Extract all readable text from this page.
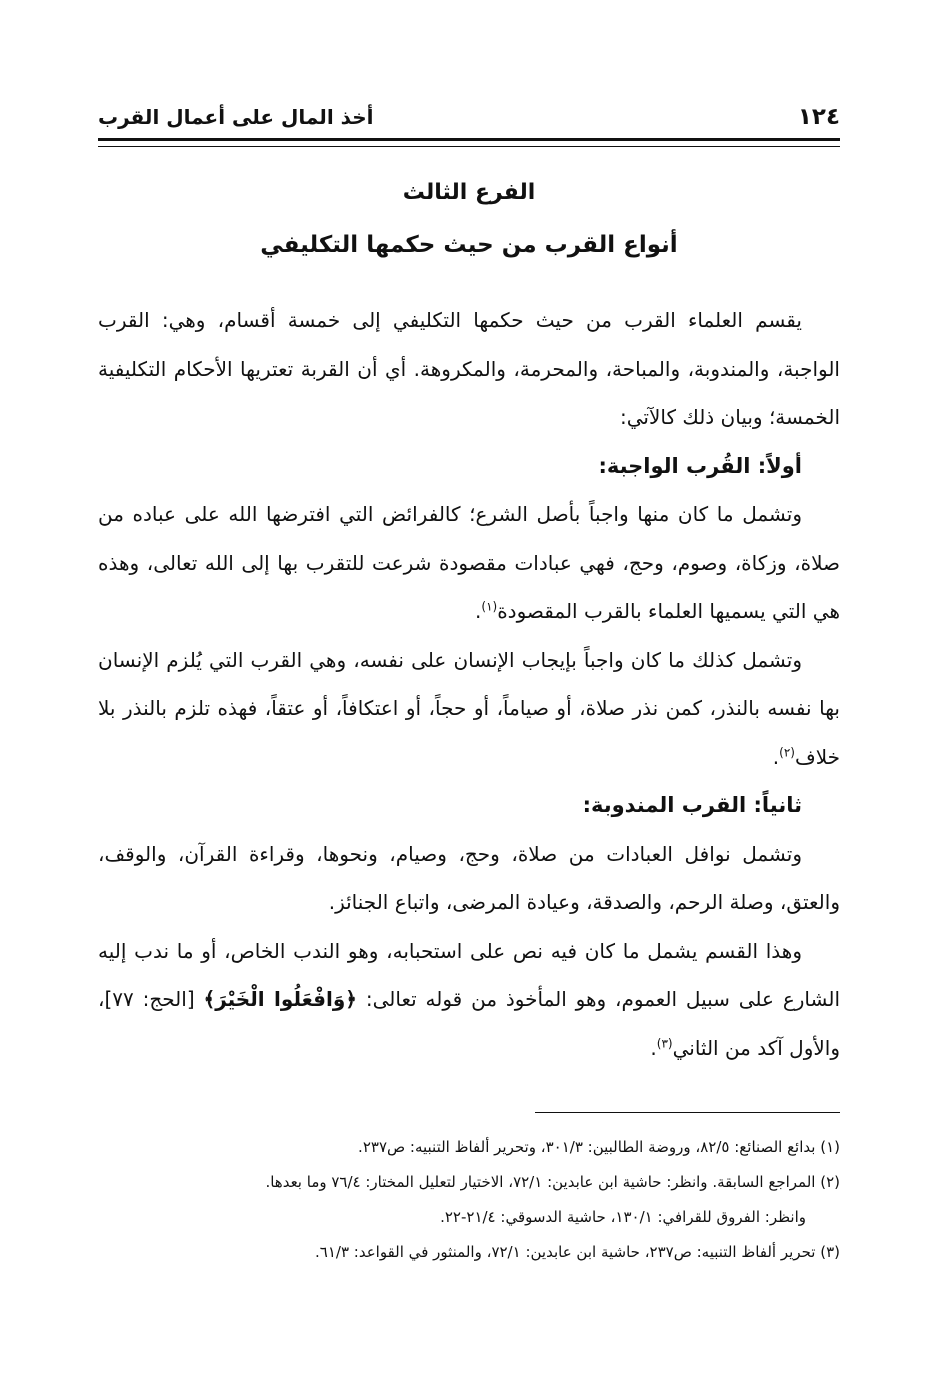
١٢٤
أخذ المال على أعمال القرب
الفرع الثالث
أنواع القرب من حيث حكمها التكليفي

يقسم العلماء القرب من حيث حكمها التكليفي إلى خمسة أقسام، وهي: القرب الواجبة، والمندوبة، والمباحة، والمحرمة، والمكروهة. أي أن القربة تعتريها الأحكام التكليفية الخمسة؛ وبيان ذلك كالآتي:

أولاً: القُرب الواجبة:

وتشمل ما كان منها واجباً بأصل الشرع؛ كالفرائض التي افترضها الله على عباده من صلاة، وزكاة، وصوم، وحج، فهي عبادات مقصودة شرعت للتقرب بها إلى الله تعالى، وهذه هي التي يسميها العلماء بالقرب المقصودة$^{(١)}$.

وتشمل كذلك ما كان واجباً بإيجاب الإنسان على نفسه، وهي القرب التي يُلزم الإنسان بها نفسه بالنذر، كمن نذر صلاة، أو صياماً، أو حجاً، أو اعتكافاً، أو عتقاً، فهذه تلزم بالنذر بلا خلاف$^{(٢)}$.

ثانياً: القرب المندوبة:

وتشمل نوافل العبادات من صلاة، وحج، وصيام، ونحوها، وقراءة القرآن، والوقف، والعتق، وصلة الرحم، والصدقة، وعيادة المرضى، واتباع الجنائز.

وهذا القسم يشمل ما كان فيه نص على استحبابه، وهو الندب الخاص، أو ما ندب إليه الشارع على سبيل العموم، وهو المأخوذ من قوله تعالى: ﴿وَافْعَلُوا الْخَيْرَ﴾ [الحج: ٧٧]، والأول آكد من الثاني$^{(٣)}$.

(١) بدائع الصنائع: ٨٢/٥، وروضة الطالبين: ٣٠١/٣، وتحرير ألفاظ التنبيه: ص٢٣٧.

(٢) المراجع السابقة. وانظر: حاشية ابن عابدين: ٧٢/١، الاختيار لتعليل المختار: ٧٦/٤ وما بعدها.

وانظر: الفروق للقرافي: ١٣٠/١، حاشية الدسوقي: ٢١/٤-٢٢.

(٣) تحرير ألفاظ التنبيه: ص٢٣٧، حاشية ابن عابدين: ٧٢/١، والمنثور في القواعد: ٦١/٣.
